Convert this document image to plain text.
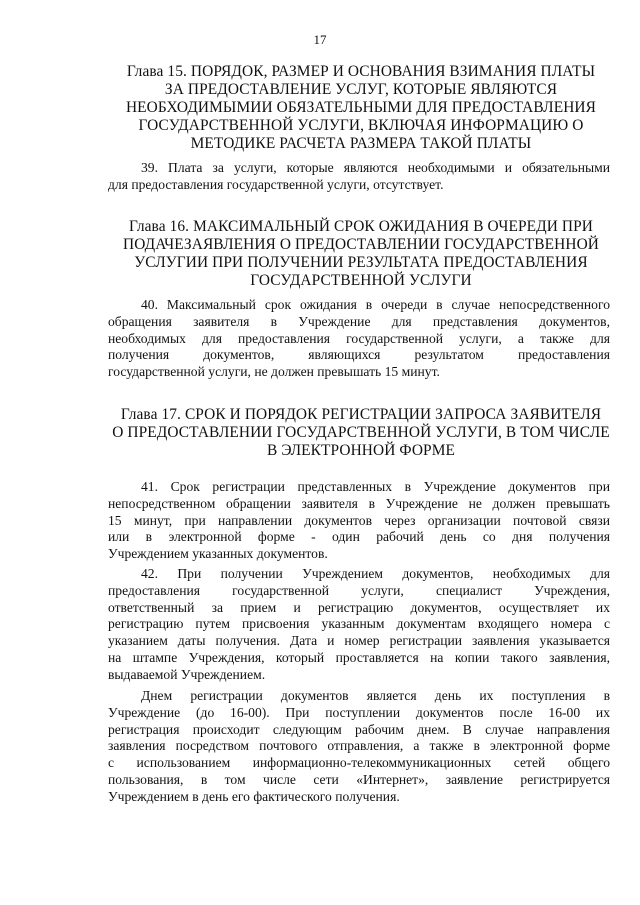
17
Глава 15. ПОРЯДОК, РАЗМЕР И ОСНОВАНИЯ ВЗИМАНИЯ ПЛАТЫ
ЗА ПРЕДОСТАВЛЕНИЕ УСЛУГ, КОТОРЫЕ ЯВЛЯЮТСЯ
НЕОБХОДИМЫМИИ ОБЯЗАТЕЛЬНЫМИ ДЛЯ ПРЕДОСТАВЛЕНИЯ
ГОСУДАРСТВЕННОЙ УСЛУГИ, ВКЛЮЧАЯ ИНФОРМАЦИЮ О
МЕТОДИКЕ РАСЧЕТА РАЗМЕРА ТАКОЙ ПЛАТЫ
39. Плата за услуги, которые являются необходимыми и обязательными
для предоставления государственной услуги, отсутствует.
Глава 16. МАКСИМАЛЬНЫЙ СРОК ОЖИДАНИЯ В ОЧЕРЕДИ ПРИ
ПОДАЧЕЗАЯВЛЕНИЯ О ПРЕДОСТАВЛЕНИИ ГОСУДАРСТВЕННОЙ
УСЛУГИИ ПРИ ПОЛУЧЕНИИ РЕЗУЛЬТАТА ПРЕДОСТАВЛЕНИЯ
ГОСУДАРСТВЕННОЙ УСЛУГИ
40. Максимальный срок ожидания в очереди в случае непосредственного
обращения заявителя в Учреждение для представления документов,
необходимых для предоставления государственной услуги, а также для
получения документов, являющихся результатом предоставления
государственной услуги, не должен превышать 15 минут.
Глава 17. СРОК И ПОРЯДОК РЕГИСТРАЦИИ ЗАПРОСА ЗАЯВИТЕЛЯ
О ПРЕДОСТАВЛЕНИИ ГОСУДАРСТВЕННОЙ УСЛУГИ, В ТОМ ЧИСЛЕ
В ЭЛЕКТРОННОЙ ФОРМЕ
41. Срок регистрации представленных в Учреждение документов при
непосредственном обращении заявителя в Учреждение не должен превышать
15 минут, при направлении документов через организации почтовой связи
или в электронной форме - один рабочий день со дня получения
Учреждением указанных документов.
42. При получении Учреждением документов, необходимых для
предоставления государственной услуги, специалист Учреждения,
ответственный за прием и регистрацию документов, осуществляет их
регистрацию путем присвоения указанным документам входящего номера с
указанием даты получения. Дата и номер регистрации заявления указывается
на штампе Учреждения, который проставляется на копии такого заявления,
выдаваемой Учреждением.
Днем регистрации документов является день их поступления в
Учреждение (до 16-00). При поступлении документов после 16-00 их
регистрация происходит следующим рабочим днем. В случае направления
заявления посредством почтового отправления, а также в электронной форме
с использованием информационно-телекоммуникационных сетей общего
пользования, в том числе сети «Интернет», заявление регистрируется
Учреждением в день его фактического получения.
